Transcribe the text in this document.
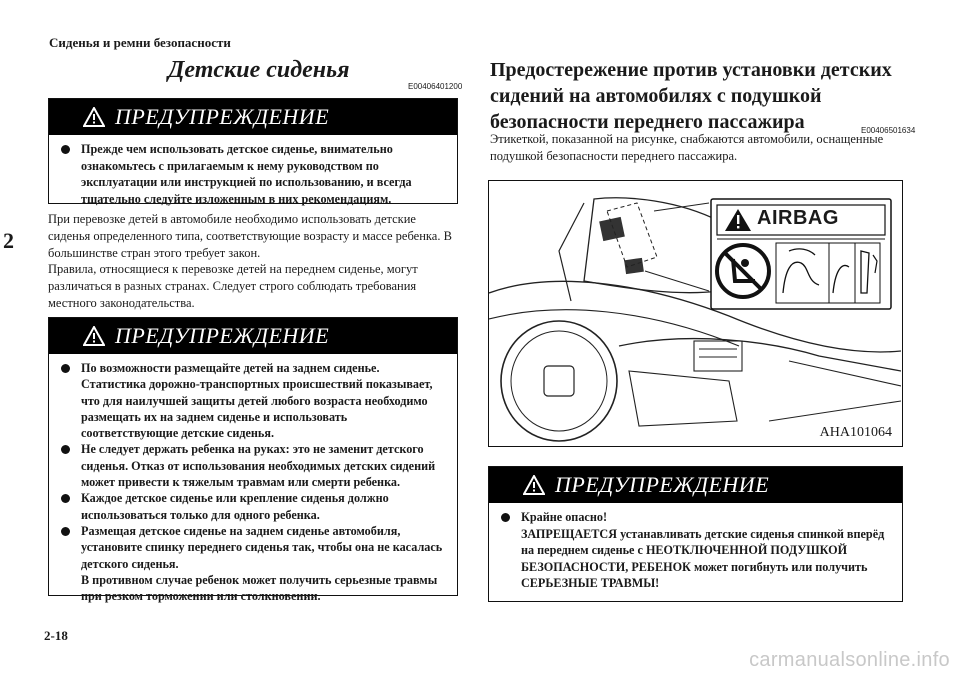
Сиденья и ремни безопасности
2
2-18
carmanualsonline.info
Детские сиденья
E00406401200
ПРЕДУПРЕЖДЕНИЕ
Прежде чем использовать детское сиденье, внимательно ознакомьтесь с прилагаемым к нему руководством по эксплуатации или инструкцией по использованию, и всегда тщательно следуйте изложенным в них рекомендациям.
При перевозке детей в автомобиле необходимо использовать детские сиденья определенного типа, соответствующие возрасту и массе ребенка. В большинстве стран этого требует закон.
Правила, относящиеся к перевозке детей на переднем сиденье, могут различаться в разных странах. Следует строго соблюдать требования местного законодательства.
ПРЕДУПРЕЖДЕНИЕ
По возможности размещайте детей на заднем сиденье. Статистика дорожно-транспортных происшествий показывает, что для наилучшей защиты детей любого возраста необходимо размещать их на заднем сиденье и использовать соответствующие детские сиденья.
Не следует держать ребенка на руках: это не заменит детского сиденья. Отказ от использования необходимых детских сидений может привести к тяжелым травмам или смерти ребенка.
Каждое детское сиденье или крепление сиденья должно использоваться только для одного ребенка.
Размещая детское сиденье на заднем сиденье автомобиля, установите спинку переднего сиденья так, чтобы она не касалась детского сиденья.
В противном случае ребенок может получить серьезные травмы при резком торможении или столкновении.
Предостережение против установки детских сидений на автомобилях с подушкой безопасности переднего пассажира	E00406501634
Этикеткой, показанной на рисунке, снабжаются автомобили, оснащенные подушкой безопасности переднего пассажира.
AIRBAG
AHA101064
ПРЕДУПРЕЖДЕНИЕ
Крайне опасно!
ЗАПРЕЩАЕТСЯ устанавливать детские сиденья спинкой вперёд на переднем сиденье с НЕОТКЛЮЧЕННОЙ ПОДУШКОЙ БЕЗОПАСНОСТИ, РЕБЕНОК может погибнуть или получить СЕРЬЕЗНЫЕ ТРАВМЫ!
